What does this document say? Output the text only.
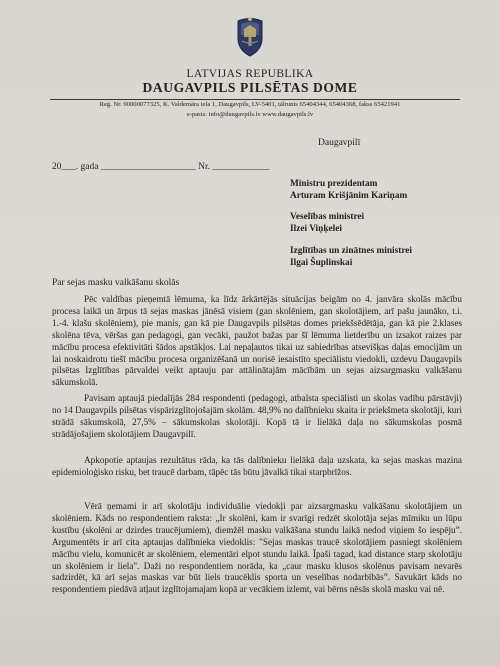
LATVIJAS REPUBLIKA
DAUGAVPILS PILSĒTAS DOME
Reģ. Nr. 90000077325, K. Valdemāra iela 1, Daugavpils, LV-5401, tālrunis 65404344, 65404368, fakss 65421941
e-pasts: info@daugavpils.lv www.daugavpils.lv
Daugavpilī
20___. gada ____________________ Nr. ____________
Ministru prezidentam
Arturam Krišjānim Kariņam
Veselības ministrei
Ilzei Viņķelei
Izglītības un zinātnes ministrei
Ilgai Šuplinskai
Par sejas masku valkāšanu skolās
Pēc valdības pieņemtā lēmuma, ka līdz ārkārtējās situācijas beigām no 4. janvāra skolās mācību procesa laikā un ārpus tā sejas maskas jānēsā visiem (gan skolēniem, gan skolotājiem, arī pašu jaunāko, t.i. 1.-4. klašu skolēniem), pie manis, gan kā pie Daugavpils pilsētas domes priekšsēdētāja, gan kā pie 2.klases skolēna tēva, vēršas gan pedagogi, gan vecāki, paužot bažas par šī lēmuma lietderību un izsakot raizes par mācību procesa efektivitāti šādos apstākļos. Lai nepaļautos tikai uz sabiedrības atsevišķas daļas emocijām un lai noskaidrotu tiešī mācību procesa organizēšanā un norisē iesaistīto speciālistu viedokli, uzdevu Daugavpils pilsētas Izglītības pārvaldei veikt aptauju par attālinātajām mācībām un sejas aizsargmasku valkāšanu sākumskolā.
Pavisam aptaujā piedalījās 284 respondenti (pedagogi, atbalsta speciālisti un skolas vadību pārstāvji) no 14 Daugavpils pilsētas vispārizglītojošajām skolām. 48,9% no dalībnieku skaita ir priekšmeta skolotāji, kuri strādā sākumskolā, 27,5% – sākumskolas skolotāji. Kopā tā ir lielākā daļa no sākumskolas posmā strādājošajiem skolotājiem Daugavpilī.
Apkopotie aptaujas rezultātus rāda, ka tās dalībnieku lielākā daļa uzskata, ka sejas maskas mazina epidemioloģisko risku, bet traucē darbam, tāpēc tās būtu jāvalkā tikai starpbrīžos.
Vērā ņemami ir arī skolotāju individuālie viedokļi par aizsargmasku valkāšanu skolotājiem un skolēniem. Kāds no respondentiem raksta: „Ir skolēni, kam ir svarīgi redzēt skolotāja sejas mīmiku un lūpu kustību (skolēni ar dzirdes traucējumiem), diemžēl masku valkāšana stundu laikā nedod viņiem šo iespēju”. Argumentēts ir arī cita aptaujas dalībnieka viedoklis: "Sejas maskas traucē skolotājiem pasniegt skolēniem mācību vielu, komunicēt ar skolēniem, elementāri elpot stundu laikā. Īpaši tagad, kad distance starp skolotāju un skolēniem ir liela". Daži no respondentiem norāda, ka „caur masku klusos skolēnus pavisam nevarēs sadzirdēt, kā arī sejas maskas var būt liels traucēklis sporta un veselības nodarbībās”. Savukārt kāds no respondentiem piedāvā atļaut izglītojamajam kopā ar vecākiem izlemt, vai bērns nēsās skolā masku vai nē.
